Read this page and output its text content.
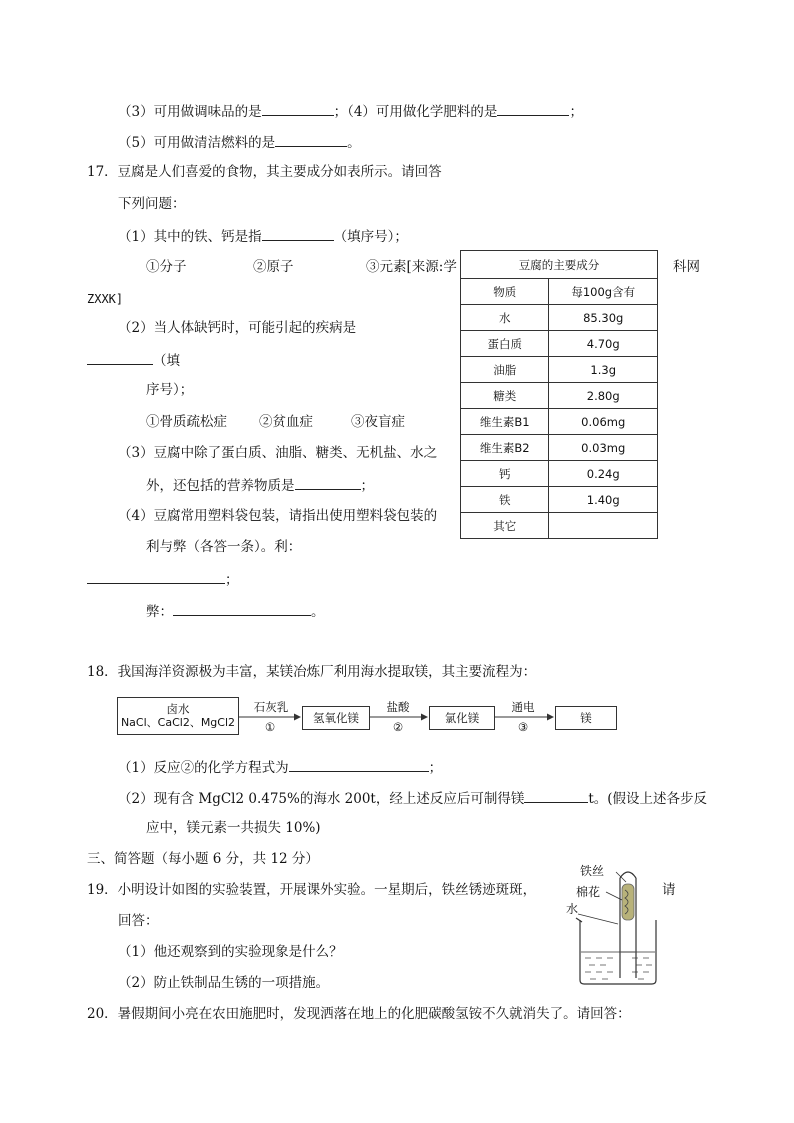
（3）可用做调味品的是	；（4）可用做化学肥料的是	；
（5）可用做清洁燃料的是	。
17．豆腐是人们喜爱的食物，其主要成分如表所示。请回答
下列问题：
（1）其中的铁、钙是指	（填序号）；
①分子	②原子	③元素[来源:学	科网
ZXXK]
（2）当人体缺钙时，可能引起的疾病是
（填
序号）；
①骨质疏松症 ②贫血症	③夜盲症
（3）豆腐中除了蛋白质、油脂、糖类、无机盐、水之
外，还包括的营养物质是	；
（4）豆腐常用塑料袋包装，请指出使用塑料袋包装的
利与弊（各答一条）。利：
；
弊：	。
豆腐的主要成分	
物质	每100g含有
水	85.30g
蛋白质	4.70g
油脂	1.3g
糖类	2.80g
维生素B1	0.06mg
维生素B2	0.03mg
钙	0.24g
铁	1.40g
其它	
18．我国海洋资源极为丰富，某镁冶炼厂利用海水提取镁，其主要流程为：
卤水
NaCl、CaCl2、MgCl2	氢氧化镁	氯化镁	镁
石灰乳
①
盐酸
②
通电
③
（1）反应②的化学方程式为	；
（2）现有含 MgCl2 0.475%的海水 200t，经上述反应后可制得镁	t。(假设上述各步反
应中，镁元素一共损失 10%)
三、简答题（每小题 6 分，共 12 分）
19．小明设计如图的实验装置，开展课外实验。一星期后，铁丝锈迹斑斑，	请
回答：
（1）他还观察到的实验现象是什么？
（2）防止铁制品生锈的一项措施。
铁丝
棉花
水
20．暑假期间小亮在农田施肥时，发现洒落在地上的化肥碳酸氢铵不久就消失了。请回答：
